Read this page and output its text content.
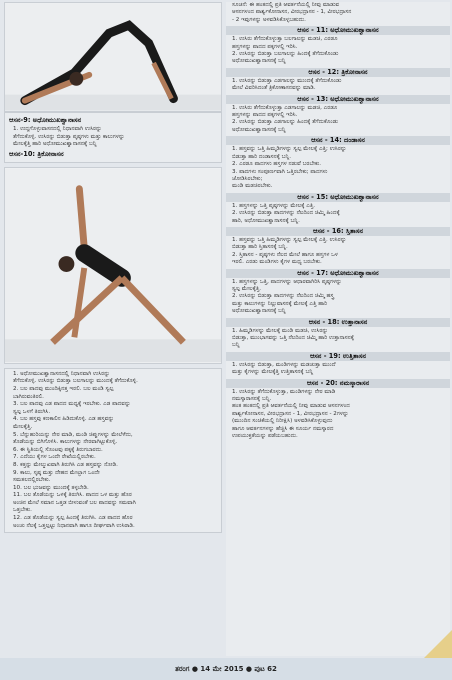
ಆಸನ-9: ಅಧೋಮುಖಶ್ವಾನಾಸನ
1. ಉದ್ದಗೊಳ್ಳುವಾಸನದಲ್ಲಿ ನಿಧಾನವಾಗಿ ಉಸಿರನ್ನು
ತೆಗೆದುಕೊಳ್ಳಿ. ಉಸಿರನ್ನು ಬಿಡುತ್ತಾ ಪೃಷ್ಠಗಳು ಮತ್ತು ಕಾಲುಗಳನ್ನು
ಮೇಲಕ್ಕೆತ್ತಿ ಹಾರಿ ಅಧೋಮುಖಶ್ವಾನಾಸನಕ್ಕೆ ಬನ್ನಿ
ಆಸನ-10: ತ್ರಿಕೋನಾಸನ
1. ಅಧೋಮುಖಶ್ವಾನಾಸನದಲ್ಲಿ ನಿಧಾನವಾಗಿ ಉಸಿರನ್ನು
ತೆಗೆದುಕೊಳ್ಳಿ. ಉಸಿರನ್ನು ಬಿಡುತ್ತಾ ಬಲಗಾಲನ್ನು ಮುಂದಕ್ಕೆ ತೆಗೆದುಕೊಳ್ಳಿ.
2. ಬಲ ಪಾದವು ಮುಂದಿಕ್ಕಿನತ್ತ ಇರಲಿ. ಬಲ ಮಂಡಿ ಸ್ವಲ್ಪ
ಬಾಗಿರುವಂತಿರಲಿ.
3. ಬಲ ಪಾದವು ಎಡ ಪಾದದ ಮಧ್ಯಕ್ಕೆ ಇರಬೇಕು. ಎಡ ಪಾದವನ್ನು
ಸ್ವಲ್ಪ ಒಳಗೆ ತಿರುಗಿಸಿ.
4. ಬಲ ಹಸ್ತವು ಕಣಕಾಲಿನ ಹಿಡಿದುಕೊಳ್ಳಿ. ಎಡ ಹಸ್ತವನ್ನು
ಮೇಲಕ್ಕೆತ್ತಿ.
5. ಬೆನ್ನುಹುರಿಯನ್ನು ನೇರ ಮಾಡಿ, ಮಂಡಿ ಚಿಪ್ಪುಗಳನ್ನು ಮೇಲೆಳೆದು,
ತೊಡೆಯನ್ನು ಬಿಗಿಗೊಳಿಸಿ. ಕಾಲುಗಳನ್ನು ನೇರವಾಗಿಟ್ಟುಕೊಳ್ಳಿ.
6. ಈ ಸ್ಥಿತಿಯಲ್ಲಿ ಸೊಂಟವು ಪಕ್ಕಕ್ಕೆ ತಿರುಗಬಾರದು.
7. ಎದೆಯು ಕೈಗಳ ಒಂದೇ ರೇಖೆಯಲ್ಲಿರಬೇಕು.
8. ಕತ್ತನ್ನು ಮೇಲ್ಮುಖವಾಗಿ ತಿರುಗಿಸಿ ಎಡ ಹಸ್ತವನ್ನು ನೋಡಿ.
9. ಕಾಲು, ಸೃಷ್ಠ ಮತ್ತು ದೇಹದ ಮೇಲ್ಭಾಗ ಒಂದೇ
ಸಮತಲದಲ್ಲಿರಬೇಕು.
10. ಬಲ ಭುಜವನ್ನು ಮುಂದಕ್ಕೆ ತಳ್ಳಬೇಡಿ.
11. ಬಲ ತೊಡೆಯನ್ನು ಒಳಕ್ಕೆ ತಿರುಗಿಸಿ. ಪಾದದ ಒಳ ಮತ್ತು ಹೊರ
ಅಂಚಿನ ಮೇಲೆ ಸಮಾನ ಒತ್ತಡ ಬೀಳುವಂತೆ ಬಲ ಪಾದವನ್ನು ಸಮವಾಗಿ
ಒತ್ತಬೇಕು.
12. ಎಡ ತೊಡೆಯನ್ನು ಸ್ವಲ್ಪ ಹಿಂದಕ್ಕೆ ತಿರುಗಿಸಿ. ಎಡ ಪಾದದ ಹೊರ
ಅಂಚು ನೆಲಕ್ಕೆ ಒತ್ತಲ್ಪಟ್ಟು ನಿಧಾನವಾಗಿ ಹಾಗೂ ದೀರ್ಘವಾಗಿ ಉಸಿರಾಡಿ.
ಸೂಚನೆ: ಈ ಹಂತದಲ್ಲಿ ಪ್ರತಿ ಆವರ್ತನೆಯಲ್ಲಿ ನೀವು ಮಾಡುವ
ಆಸನಗಳಂದ ಪಾರ್ಶ್ವಕೋನಾಸನ, ವೀರಭದ್ರಾಸನ - 1, ವೀರಭದ್ರಾಸನ
- 2 ಇವುಗಳನ್ನು ಅಳವಡಿಸಿಕೊಳ್ಳಬಹುದು.
ಆಸನ - 11: ಅಧೋಮುಖಶ್ವಾನಾಸನ
1. ಉಸಿರು ತೆಗೆದುಕೊಳ್ಳುತ್ತಾ ಬಲಗಾಲನ್ನು ಮಡಚಿ, ಎರಡೂ
ಹಸ್ತಗಳನ್ನು ಪಾದದ ಪಕ್ಕಗಳಲ್ಲಿ ಇರಿಸಿ.
2. ಉಸಿರನ್ನು ಬಿಡುತ್ತಾ ಬಲಗಾಲನ್ನು ಹಿಂದಕ್ಕೆ ತೆಗೆದುಕೊಂಡು
ಅಧೋಮುಖಶ್ವಾನಾಸನಕ್ಕೆ ಬನ್ನಿ
ಆಸನ - 12: ತ್ರಿಕೋನಾಸನ
1. ಉಸಿರನ್ನು ಬಿಡುತ್ತಾ ಎಡಗಾಲನ್ನು ಮುಂದಕ್ಕೆ ತೆಗೆದುಕೊಂಡು
ಮೇಲೆ ವಿವರಿಸಿದಂತೆ ತ್ರಿಕೋಣಾಸನವನ್ನು ಮಾಡಿ.
ಆಸನ - 13: ಅಧೋಮುಖಶ್ವಾನಾಸನ
1. ಉಸಿರು ತೆಗೆದುಕೊಳ್ಳುತ್ತಾ ಎಡಗಾಲನ್ನು ಮಡಚಿ, ಎರಡೂ
ಹಸ್ತಗಳನ್ನು ಪಾದದ ಪಕ್ಕಗಳಲ್ಲಿ ಇರಿಸಿ.
2. ಉಸಿರನ್ನು ಬಿಡುತ್ತಾ ಎಡಗಾಲನ್ನು ಹಿಂದಕ್ಕೆ ತೆಗೆದುಕೊಂಡು
ಅಧೋಮುಖಶ್ವಾನಾಸನಕ್ಕೆ ಬನ್ನಿ
ಆಸನ - 14: ದಂಡಾಸನ
1. ಹಸ್ತವನ್ನು ಒತ್ತಿ ಹಿಮ್ಮಡಿಗಳನ್ನು ಸ್ವಲ್ಪ ಮೇಲಕ್ಕೆ ಎತ್ತಿ; ಉಸಿರನ್ನು
ಬಿಡುತ್ತಾ ಹಾರಿ ದಂಡಾಸನಕ್ಕೆ ಬನ್ನಿ.
2. ಎರಡೂ ಪಾದಗಳು ಹಸ್ತಗಳ ನಡುವೆ ಬರಬೇಕು.
3. ಪಾದಗಳು ಸಂಪೂರ್ಣವಾಗಿ ಒತ್ತಿರಬೇಕು; ಪಾದಗಳು
ಜೋಡಿಸಿರಬೇಕು;
ಮಂಡಿ ಮಡಚಿರಬೇಕು.
ಆಸನ - 15: ಅಧೋಮುಖಶ್ವಾನಾಸನ
1. ಹಸ್ತಗಳನ್ನು ಒತ್ತಿ ಪೃಷ್ಠಗಳನ್ನು ಮೇಲಕ್ಕೆ ಎತ್ತಿ.
2. ಉಸಿರನ್ನು ಬಿಡುತ್ತಾ ಪಾದಗಳನ್ನು ನೆಲದಿಂದ ಚಿಮ್ಮಿ ಹಿಂದಕ್ಕೆ
ಹಾರಿ, ಅಧೋಮುಖಶ್ವಾನಾಸನಕ್ಕೆ ಬನ್ನಿ.
ಆಸನ - 16: ಸ್ತಿತಾಸನ
1. ಹಸ್ತವನ್ನು ಒತ್ತಿ ಹಿಮ್ಮಡಿಗಳನ್ನು ಸ್ವಲ್ಪ ಮೇಲಕ್ಕೆ ಎತ್ತಿ. ಉಸಿರನ್ನು
ಬಿಡುತ್ತಾ ಹಾರಿ ಸ್ತಿತಾಸನಕ್ಕೆ ಬನ್ನಿ.
2. ಸ್ತಿತಾಸನ - ಪೃಷ್ಠಗಳು ನೆಲದ ಮೇಲೆ ಹಾಗೂ ಹಸ್ತಗಳ ಒಳ
ಇರಲಿ. ಎರಡು ಮಂಡಿಗಳು ಕೈಗಳ ಮಧ್ಯ ಬರಬೇಕು.
ಆಸನ - 17: ಅಧೋಮುಖಶ್ವಾನಾಸನ
1. ಹಸ್ತಗಳನ್ನು ಒತ್ತಿ, ಪಾದಗಳನ್ನು ಆಧಾರವಾಗಿರಿಸಿ ಪೃಷ್ಠಗಳನ್ನು
ಸ್ವಲ್ಪ ಮೇಲಕ್ಕೆತ್ತಿ.
2. ಉಸಿರನ್ನು ಬಿಡುತ್ತಾ ಪಾದಗಳನ್ನು ನೆಲದಿಂದ ಚಿಮ್ಮಿ ಹಸ್ತ್ರ
ಮತ್ತು ಕಾಲುಗಳನ್ನು ನಿಲ್ಲುವಾಸನಕ್ಕೆ ಮೇಲಕ್ಕೆ ಎತ್ತಿ ಹಾರಿ
ಅಧೋಮುಖಶ್ವಾನಾಸನಕ್ಕೆ ಬನ್ನಿ
ಆಸನ - 18: ಉತ್ತಾನಾಸನ
1. ಹಿಮ್ಮಡಿಗಳನ್ನು ಮೇಲಕ್ಕೆ ಮಂಡಿ ಮಡಚಿ, ಉಸಿರನ್ನು
ಬಿಡುತ್ತಾ, ಮುಂಭಾಗವನ್ನು ಒತ್ತಿ ನೆಲದಿಂದ ಚಿಮ್ಮಿ ಹಾರಿ ಉತ್ತಾನಾಸನಕ್ಕೆ
ಬನ್ನಿ
ಆಸನ - 19: ಉತ್ತಿತಾಸನ
1. ಉಸಿರನ್ನು ಬಿಡುತ್ತಾ, ಮಂಡಿಗಳನ್ನು ಮಡಚುತ್ತಾ ಮುಂದೆ
ಮತ್ತು ಕೈಗಳನ್ನು ಮೇಲಕ್ಕೆತ್ತಿ ಉತ್ತಿತಾಸನಕ್ಕೆ ಬನ್ನಿ
ಆಸನ - 20: ನಮಸ್ಕಾರಾಸನ
1. ಉಸಿರನ್ನು ತೆಗೆದುಕೊಳ್ಳುತ್ತಾ, ಮಂಡಿಗಳನ್ನು ನೇರ ಮಾಡಿ
ನಮಸ್ಕಾರಾಸನಕ್ಕೆ ಬನ್ನಿ.
ಹಂತ ಹಂತದಲ್ಲಿ ಪ್ರತಿ ಆವರ್ತನೆಯಲ್ಲಿ ನೀವು ಮಾಡುವ ಆಸನಗಳಂದ
ಪಾರ್ಶ್ವಕೋನಾಸನ, ವೀರಭದ್ರಾಸನ - 1, ವೀರಭದ್ರಾಸನ - 2ಗಳನ್ನು
(ಮುಂದಿನ ಸಂಚಿಕೆಯಲ್ಲಿ ನಿರೀಕ್ಷಿಸಿ) ಅಳವಡಿಸಿಕೊಳ್ಳುವುದು
ಹಾಗೂ ಆವರ್ತನಗಳನ್ನು ಹೆಚ್ಚಿಸಿ ಈ ಸೂರ್ಯ ನಮಸ್ಕಾರದ
ಉಪಯುಕ್ತತೆಯನ್ನು ಪಡೆಯಬಹುದು.
ತರಂಗ ● 14 ಮೇ 2015 ● ಪುಟ 62
